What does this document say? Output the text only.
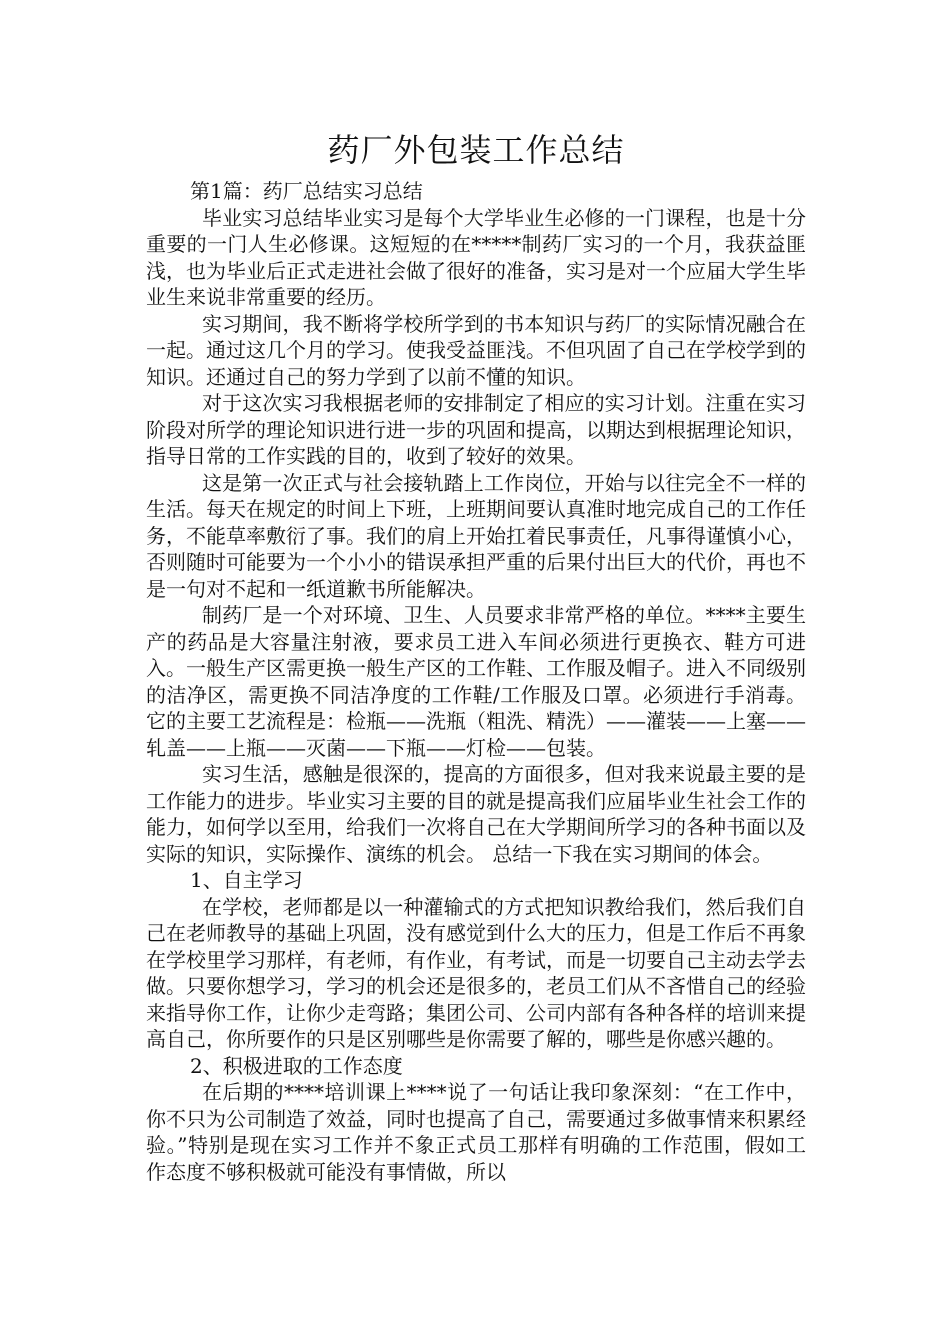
药厂外包装工作总结

第1篇：药厂总结实习总结

毕业实习总结毕业实习是每个大学毕业生必修的一门课程，也是十分重要的一门人生必修课。这短短的在*****制药厂实习的一个月，我获益匪浅，也为毕业后正式走进社会做了很好的准备，实习是对一个应届大学生毕业生来说非常重要的经历。

实习期间，我不断将学校所学到的书本知识与药厂的实际情况融合在一起。通过这几个月的学习。使我受益匪浅。不但巩固了自己在学校学到的知识。还通过自己的努力学到了以前不懂的知识。

对于这次实习我根据老师的安排制定了相应的实习计划。注重在实习阶段对所学的理论知识进行进一步的巩固和提高，以期达到根据理论知识，指导日常的工作实践的目的，收到了较好的效果。

这是第一次正式与社会接轨踏上工作岗位，开始与以往完全不一样的生活。每天在规定的时间上下班，上班期间要认真准时地完成自己的工作任务，不能草率敷衍了事。我们的肩上开始扛着民事责任，凡事得谨慎小心，否则随时可能要为一个小小的错误承担严重的后果付出巨大的代价，再也不是一句对不起和一纸道歉书所能解决。

制药厂是一个对环境、卫生、人员要求非常严格的单位。****主要生产的药品是大容量注射液，要求员工进入车间必须进行更换衣、鞋方可进入。一般生产区需更换一般生产区的工作鞋、工作服及帽子。进入不同级别的洁净区，需更换不同洁净度的工作鞋/工作服及口罩。必须进行手消毒。它的主要工艺流程是：检瓶——洗瓶（粗洗、精洗）——灌装——上塞——轧盖——上瓶——灭菌——下瓶——灯检——包装。

实习生活，感触是很深的，提高的方面很多，但对我来说最主要的是工作能力的进步。毕业实习主要的目的就是提高我们应届毕业生社会工作的能力，如何学以至用，给我们一次将自己在大学期间所学习的各种书面以及实际的知识，实际操作、演练的机会。 总结一下我在实习期间的体会。

1、自主学习

在学校，老师都是以一种灌输式的方式把知识教给我们，然后我们自己在老师教导的基础上巩固，没有感觉到什么大的压力，但是工作后不再象在学校里学习那样，有老师，有作业，有考试，而是一切要自己主动去学去做。只要你想学习，学习的机会还是很多的，老员工们从不吝惜自己的经验来指导你工作，让你少走弯路；集团公司、公司内部有各种各样的培训来提高自己，你所要作的只是区别哪些是你需要了解的，哪些是你感兴趣的。

2、积极进取的工作态度

在后期的****培训课上****说了一句话让我印象深刻：“在工作中，你不只为公司制造了效益，同时也提高了自己，需要通过多做事情来积累经验。”特别是现在实习工作并不象正式员工那样有明确的工作范围，假如工作态度不够积极就可能没有事情做，所以
